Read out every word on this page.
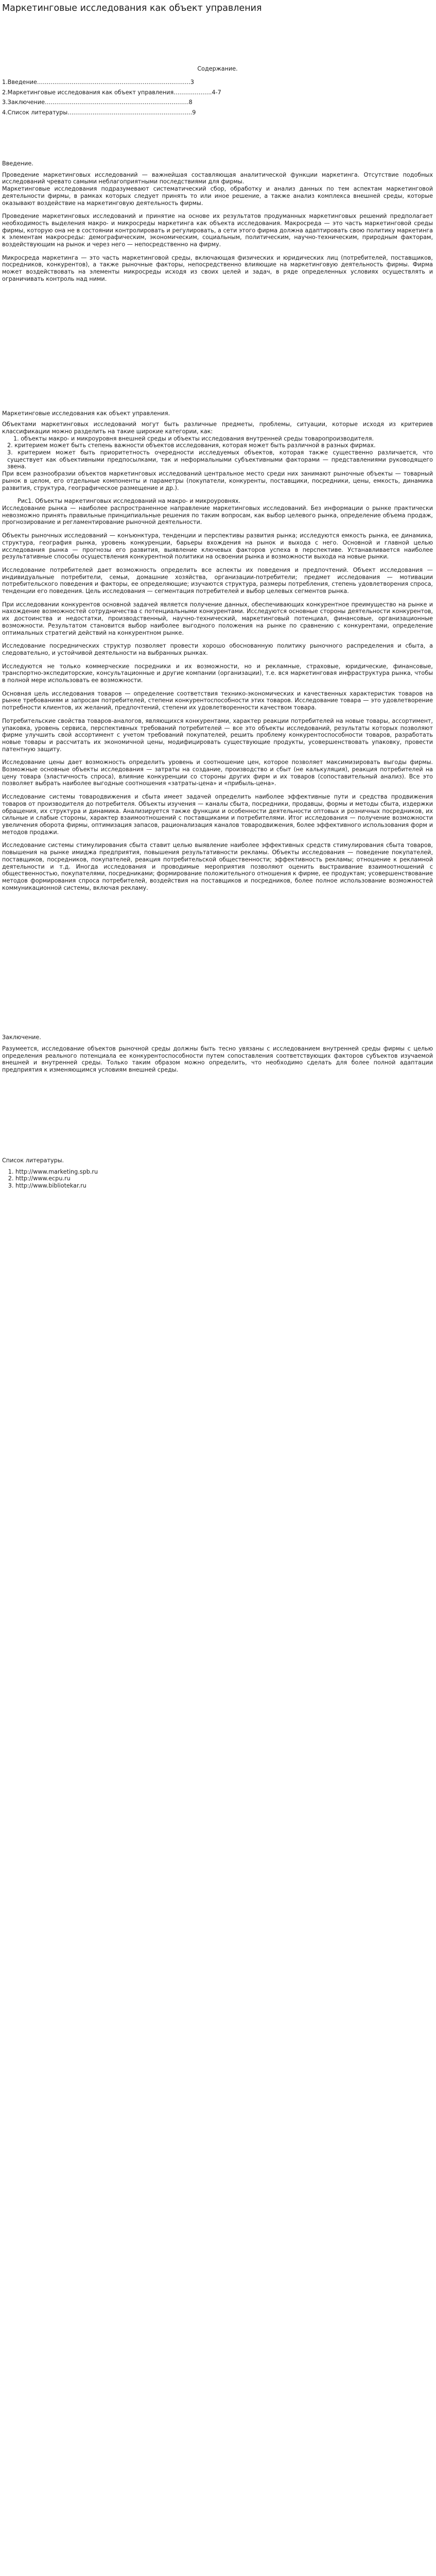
Маркетинговые исследования как объект управления
Содержание.
1.Введение…………………………………………………………….…….…3
2.Маркетинговые исследования как объект управления………………..4-7
3.Заключение…………………………………………………………………8
4.Список литературы………………………………………………………..9

Введение.

Проведение маркетинговых исследований — важнейшая составляющая аналитической функции маркетинга. Отсутствие подобных исследований чревато самыми неблагоприятными последствиями для фирмы.

Маркетинговые исследования подразумевают систематический сбор, обработку и анализ данных по тем аспектам маркетинговой деятельности фирмы, в рамках которых следует принять то или иное решение, а также анализ комплекса внешней среды, которые оказывают воздействие на маркетинговую деятельность фирмы.

Проведение маркетинговых исследований и принятие на основе их результатов продуманных маркетинговых решений предполагает необходимость выделения макро- и микросреды маркетинга как объекта исследования. Макросреда — это часть маркетинговой среды фирмы, которую она не в состоянии контролировать и регулировать, а сети этого фирма должна адаптировать свою политику маркетинга к элементам макросреды: демографическим, экономическим, социальным, политическим, научно-техническим, природным факторам, воздействующим на рынок и через него — непосредственно на фирму.

Микросреда маркетинга — это часть маркетинговой среды, включающая физических и юридических лиц (потребителей, поставщиков, посредников, конкурентов), а также рыночные факторы, непосредственно влияющие на маркетинговую деятельность фирмы. Фирма может воздействовать на элементы микросреды исходя из своих целей и задач, в ряде определенных условиях осуществлять и ограничивать контроль над ними.

Маркетинговые исследования как объект управления.

Объектами маркетинговых исследований могут быть различные предметы, проблемы, ситуации, которые исходя из критериев классификации можно разделить на такие широкие категории, как:

1. объекты макро- и микроуровня внешней среды и объекты исследования внутренней среды товаропроизводителя.

2. критерием может быть степень важности объектов исследования, которая может быть различной в разных фирмах.

3. критерием может быть приоритетность очередности исследуемых объектов, которая также существенно различается, что существует как объективными предпосылками, так и неформальными субъективными факторами — представлениями руководящего звена.

При всем разнообразии объектов маркетинговых исследований центральное место среди них занимают рыночные объекты — товарный рынок в целом, его отдельные компоненты и параметры (покупатели, конкуренты, поставщики, посредники, цены, емкость, динамика развития, структура, географическое размещение и др.).

Рис1. Объекты маркетинговых исследований на макро- и микроуровнях.

Исследование рынка — наиболее распространенное направление маркетинговых исследований. Без информации о рынке практически невозможно принять правильные принципиальные решения по таким вопросам, как выбор целевого рынка, определение объема продаж, прогнозирование и регламентирование рыночной деятельности.

Объекты рыночных исследований — конъюнктура, тенденции и перспективы развития рынка; исследуются емкость рынка, ее динамика, структура, география рынка, уровень конкуренции, барьеры вхождения на рынок и выхода с него. Основной и главной целью исследования рынка — прогнозы его развития, выявление ключевых факторов успеха в перспективе. Устанавливается наиболее результативные способы осуществления конкурентной политики на освоении рынка и возможности выхода на новые рынки.

Исследование потребителей дает возможность определить все аспекты их поведения и предпочтений. Объект исследования — индивидуальные потребители, семьи, домашние хозяйства, организации-потребители; предмет исследования — мотивации потребительского поведения и факторы, ее определяющие; изучаются структура, размеры потребления, степень удовлетворения спроса, тенденции его поведения. Цель исследования — сегментация потребителей и выбор целевых сегментов рынка.

При исследовании конкурентов основной задачей является получение данных, обеспечивающих конкурентное преимущество на рынке и нахождение возможностей сотрудничества с потенциальными конкурентами. Исследуются основные стороны деятельности конкурентов, их достоинства и недостатки, производственный, научно-технический, маркетинговый потенциал, финансовые, организационные возможности. Результатом становится выбор наиболее выгодного положения на рынке по сравнению с конкурентами, определение оптимальных стратегий действий на конкурентном рынке.

Исследование посреднических структур позволяет провести хорошо обоснованную политику рыночного распределения и сбыта, а следовательно, и устойчивой деятельности на выбранных рынках.

Исследуются не только коммерческие посредники и их возможности, но и рекламные, страховые, юридические, финансовые, транспортно-экспедиторские, консультационные и другие компании (организации), т.е. вся маркетинговая инфраструктура рынка, чтобы в полной мере использовать ее возможности.

Основная цель исследования товаров — определение соответствия технико-экономических и качественных характеристик товаров на рынке требованиям и запросам потребителей, степени конкурентоспособности этих товаров. Исследование товара — это удовлетворение потребности клиентов, их желаний, предпочтений, степени их удовлетворенности качеством товара.

Потребительские свойства товаров-аналогов, являющихся конкурентами, характер реакции потребителей на новые товары, ассортимент, упаковка, уровень сервиса, перспективных требований потребителей — все это объекты исследований, результаты которых позволяют фирме улучшить свой ассортимент с учетом требований покупателей, решить проблему конкурентоспособности товаров, разработать новые товары и рассчитать их экономичной цены, модифицировать существующие продукты, усовершенствовать упаковку, провести патентную защиту.

Исследование цены дает возможность определить уровень и соотношение цен, которое позволяет максимизировать выгоды фирмы. Возможные основные объекты исследования — затраты на создание, производство и сбыт (не калькуляция), реакция потребителей на цену товара (эластичность спроса), влияние конкуренции со стороны других фирм и их товаров (сопоставительный анализ). Все это позволяет выбрать наиболее выгодные соотношения «затраты-цена» и «прибыль-цена».

Исследование системы товародвижения и сбыта имеет задачей определить наиболее эффективные пути и средства продвижения товаров от производителя до потребителя. Объекты изучения — каналы сбыта, посредники, продавцы, формы и методы сбыта, издержки обращения, их структура и динамика. Анализируется также функции и особенности деятельности оптовых и розничных посредников, их сильные и слабые стороны, характер взаимоотношений с поставщиками и потребителями. Итог исследования — получение возможности увеличения оборота фирмы, оптимизация запасов, рационализация каналов товародвижения, более эффективного использования форм и методов продажи.

Исследование системы стимулирования сбыта ставит целью выявление наиболее эффективных средств стимулирования сбыта товаров, повышения на рынке имиджа предприятия, повышения результативности рекламы. Объекты исследования — поведение покупателей, поставщиков, посредников, покупателей, реакция потребительской общественности; эффективность рекламы; отношение к рекламной деятельности и т.д. Иногда исследования и проводимые мероприятия позволяют оценить выстраивание взаимоотношений с общественностью, покупателями, посредниками; формирование положительного отношения к фирме, ее продуктам; усовершенствование методов формирования спроса потребителей, воздействия на поставщиков и посредников, более полное использование возможностей коммуникационной системы, включая рекламу.

Заключение.

Разумеется, исследование объектов рыночной среды должны быть тесно увязаны с исследованием внутренней среды фирмы с целью определения реального потенциала ее конкурентоспособности путем сопоставления соответствующих факторов субъектов изучаемой внешней и внутренней среды. Только таким образом можно определить, что необходимо сделать для более полной адаптации предприятия к изменяющимся условиям внешней среды.

Список литературы.

1. http://www.marketing.spb.ru
2. http://www.ecpu.ru
3. http://www.bibliotekar.ru
